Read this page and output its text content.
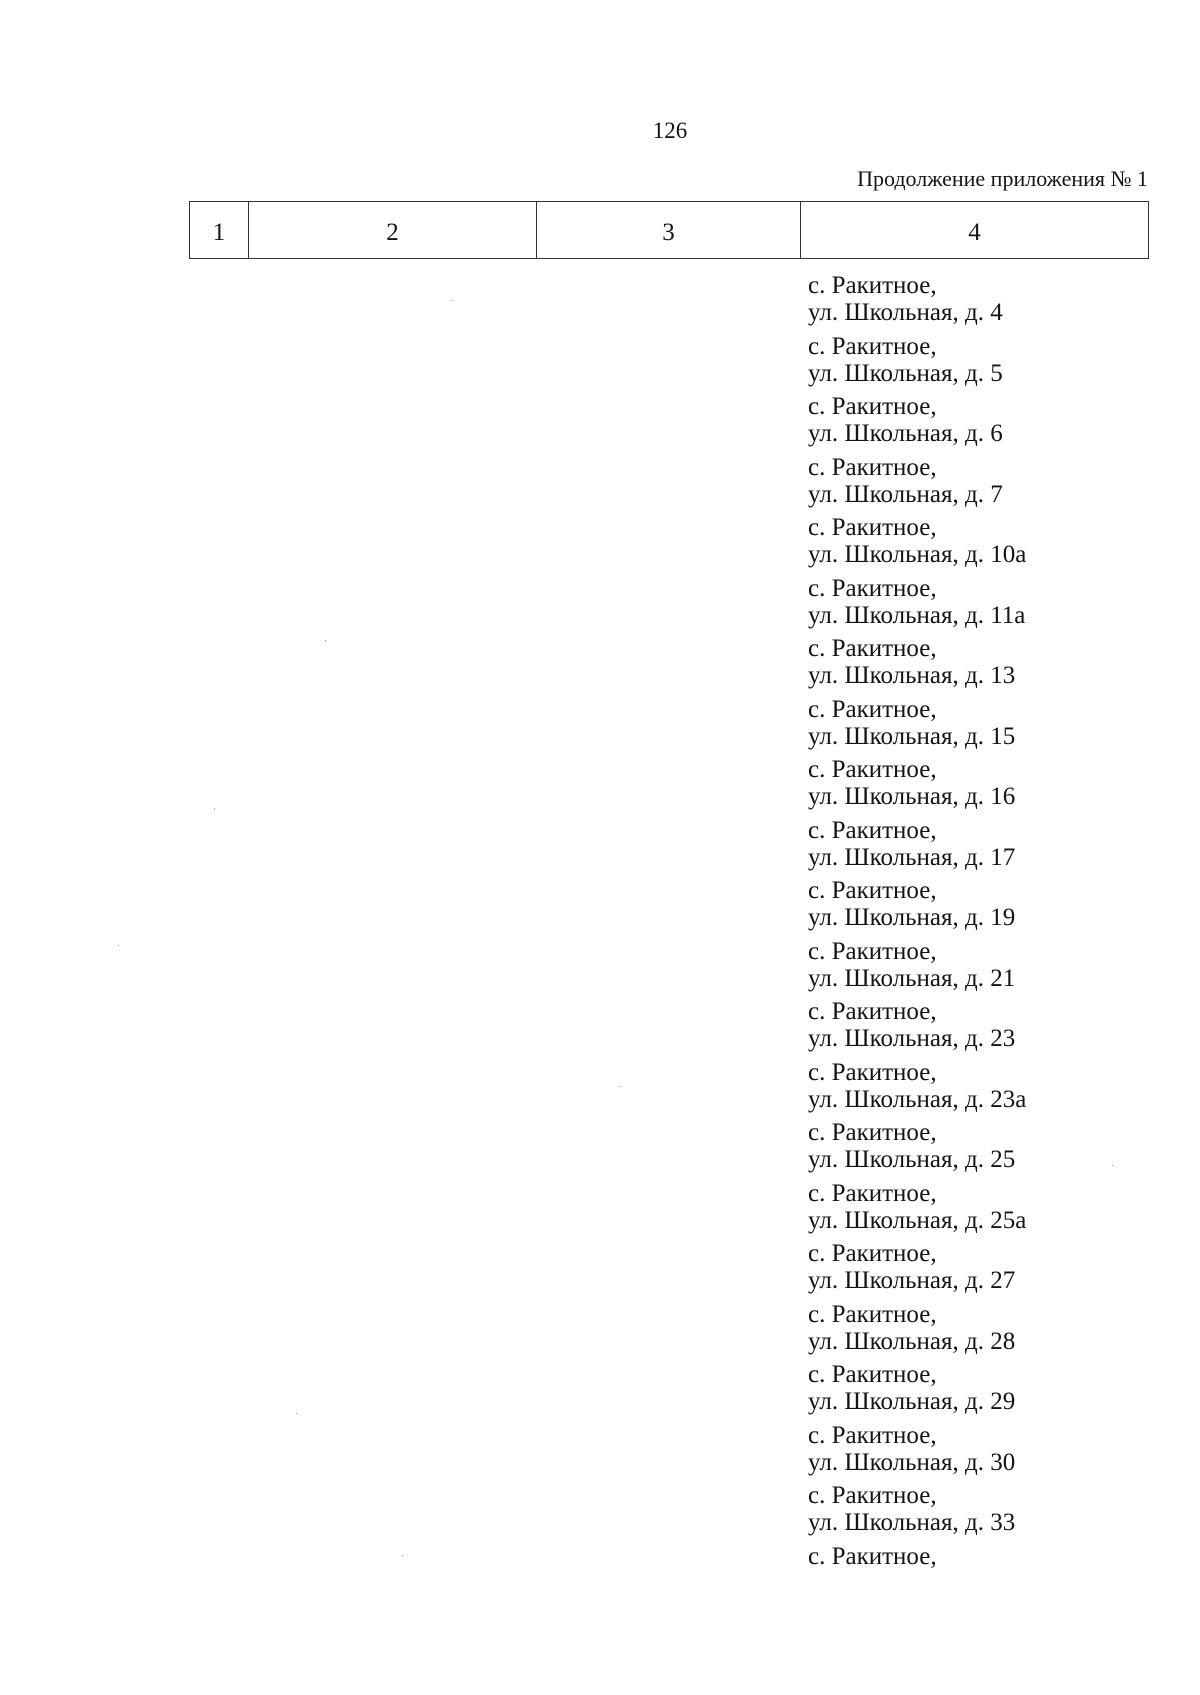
126
Продолжение приложения № 1
1	2	3	4
с. Ракитное,
ул. Школьная, д. 4
с. Ракитное,
ул. Школьная, д. 5
с. Ракитное,
ул. Школьная, д. 6
с. Ракитное,
ул. Школьная, д. 7
с. Ракитное,
ул. Школьная, д. 10а
с. Ракитное,
ул. Школьная, д. 11а
с. Ракитное,
ул. Школьная, д. 13
с. Ракитное,
ул. Школьная, д. 15
с. Ракитное,
ул. Школьная, д. 16
с. Ракитное,
ул. Школьная, д. 17
с. Ракитное,
ул. Школьная, д. 19
с. Ракитное,
ул. Школьная, д. 21
с. Ракитное,
ул. Школьная, д. 23
с. Ракитное,
ул. Школьная, д. 23а
с. Ракитное,
ул. Школьная, д. 25
с. Ракитное,
ул. Школьная, д. 25а
с. Ракитное,
ул. Школьная, д. 27
с. Ракитное,
ул. Школьная, д. 28
с. Ракитное,
ул. Школьная, д. 29
с. Ракитное,
ул. Школьная, д. 30
с. Ракитное,
ул. Школьная, д. 33
с. Ракитное,
